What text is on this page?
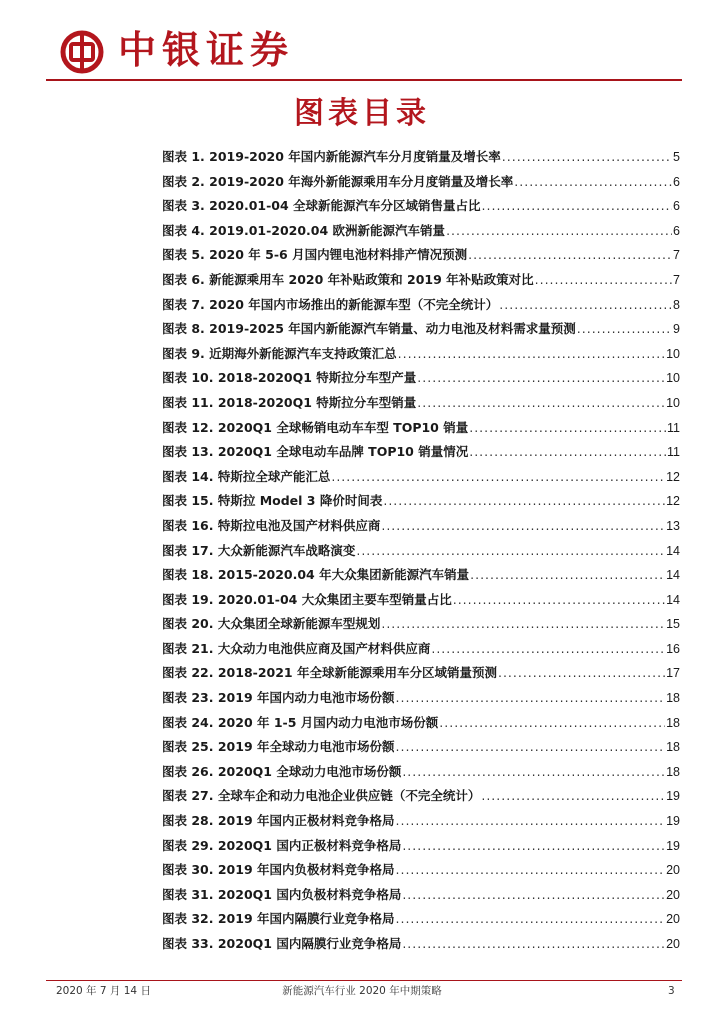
中银证券
图表目录
图表 1. 2019-2020 年国内新能源汽车分月度销量及增长率 .....	5
图表 2. 2019-2020 年海外新能源乘用车分月度销量及增长率 .....	6
图表 3. 2020.01-04 全球新能源汽车分区域销售量占比 .....	6
图表 4. 2019.01-2020.04 欧洲新能源汽车销量 .....	6
图表 5. 2020 年 5-6 月国内锂电池材料排产情况预测 .....	7
图表 6. 新能源乘用车 2020 年补贴政策和 2019 年补贴政策对比 .....	7
图表 7. 2020 年国内市场推出的新能源车型（不完全统计） .....	8
图表 8. 2019-2025 年国内新能源汽车销量、动力电池及材料需求量预测 .....	9
图表 9. 近期海外新能源汽车支持政策汇总 .....	10
图表 10. 2018-2020Q1 特斯拉分车型产量 .....	10
图表 11. 2018-2020Q1 特斯拉分车型销量 .....	10
图表 12. 2020Q1 全球畅销电动车车型 TOP10 销量 .....	11
图表 13. 2020Q1 全球电动车品牌 TOP10 销量情况 .....	11
图表 14. 特斯拉全球产能汇总 .....	12
图表 15. 特斯拉 Model 3 降价时间表 .....	12
图表 16. 特斯拉电池及国产材料供应商 .....	13
图表 17. 大众新能源汽车战略演变 .....	14
图表 18. 2015-2020.04 年大众集团新能源汽车销量 .....	14
图表 19. 2020.01-04 大众集团主要车型销量占比 .....	14
图表 20. 大众集团全球新能源车型规划 .....	15
图表 21. 大众动力电池供应商及国产材料供应商 .....	16
图表 22. 2018-2021 年全球新能源乘用车分区域销量预测 .....	17
图表 23. 2019 年国内动力电池市场份额 .....	18
图表 24. 2020 年 1-5 月国内动力电池市场份额 .....	18
图表 25. 2019 年全球动力电池市场份额 .....	18
图表 26. 2020Q1 全球动力电池市场份额 .....	18
图表 27. 全球车企和动力电池企业供应链（不完全统计） .....	19
图表 28. 2019 年国内正极材料竞争格局 .....	19
图表 29. 2020Q1 国内正极材料竞争格局 .....	19
图表 30. 2019 年国内负极材料竞争格局 .....	20
图表 31. 2020Q1 国内负极材料竞争格局 .....	20
图表 32. 2019 年国内隔膜行业竞争格局 .....	20
图表 33. 2020Q1 国内隔膜行业竞争格局 .....	20
2020 年 7 月 14 日	新能源汽车行业 2020 年中期策略	3
